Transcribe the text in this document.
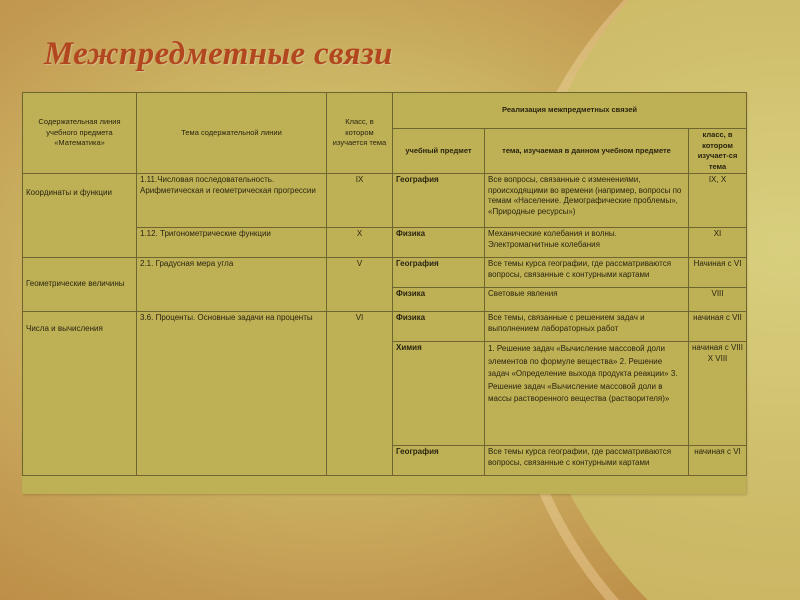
Межпредметные связи
Содержательная линия учебного предмета «Математика»	Тема содержательной линии	Класс, в котором изучается тема	Реализация межпредметных связей		
			учебный предмет	тема, изучаемая в данном учебном предмете	класс, в котором изучает-ся тема
Координаты и функции	1.11.Числовая последовательность. Арифметическая и геометрическая прогрессии	IX	География	Все вопросы, связанные с изменениями, происходящими во времени (например, вопросы по темам «Население. Демографические проблемы», «Природные ресурсы»)	IX, X
	1.12. Тригонометрические функции	X	Физика	Механические колебания и волны. Электромагнитные колебания	XI
Геометрические величины	2.1. Градусная мера угла	V	География	Все темы курса географии, где рассматриваются вопросы, связанные с контурными картами	Начиная с VI
			Физика	Световые явления	VIII
Числа и вычисления	3.6. Проценты. Основные задачи на проценты	VI	Физика	Все темы, связанные с решением задач и выполнением лабораторных работ	начиная с VII
			Химия	1. Решение задач «Вычисление массовой доли элементов по формуле вещества» 2. Решение задач «Определение выхода продукта реакции» 3. Решение задач «Вычисление массовой доли в массы растворенного вещества (растворителя)»	начиная с VIII X VIII
			География	Все темы курса географии, где рассматриваются вопросы, связанные с контурными картами	начиная с VI
